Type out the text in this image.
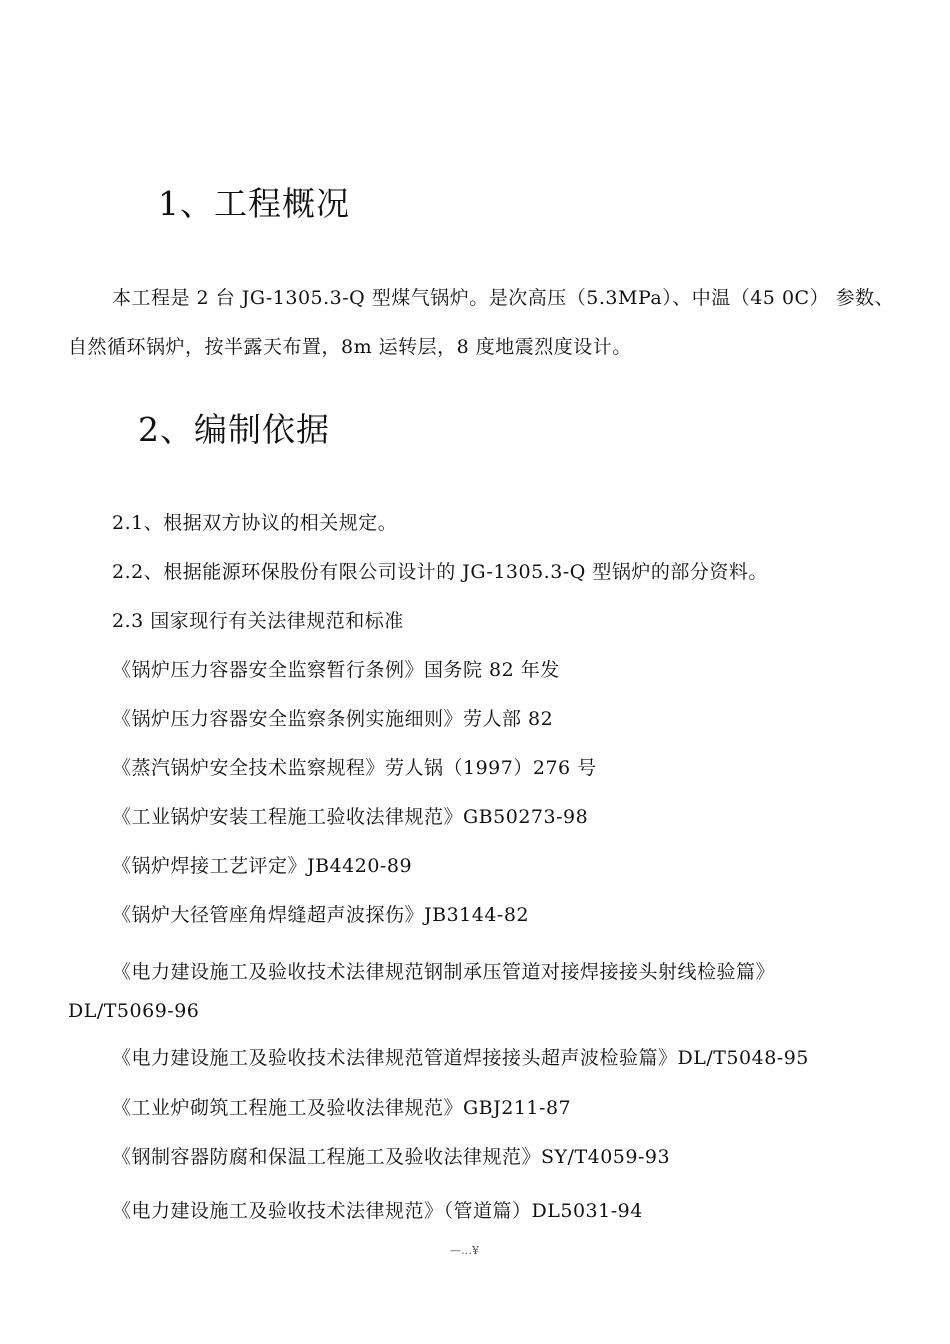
1、工程概况
本工程是 2 台 JG-1305.3-Q 型煤气锅炉。是次高压（5.3MPa）、中温（45 0C） 参数、
自然循环锅炉，按半露天布置，8m 运转层，8 度地震烈度设计。
2、编制依据
2.1、根据双方协议的相关规定。
2.2、根据能源环保股份有限公司设计的 JG-1305.3-Q 型锅炉的部分资料。
2.3 国家现行有关法律规范和标准
《锅炉压力容器安全监察暂行条例》国务院 82 年发
《锅炉压力容器安全监察条例实施细则》劳人部 82
《蒸汽锅炉安全技术监察规程》劳人锅（1997）276 号
《工业锅炉安装工程施工验收法律规范》GB50273-98
《锅炉焊接工艺评定》JB4420-89
《锅炉大径管座角焊缝超声波探伤》JB3144-82
《电力建设施工及验收技术法律规范钢制承压管道对接焊接接头射线检验篇》
DL/T5069-96
《电力建设施工及验收技术法律规范管道焊接接头超声波检验篇》DL/T5048-95
《工业炉砌筑工程施工及验收法律规范》GBJ211-87
《钢制容器防腐和保温工程施工及验收法律规范》SY/T4059-93
《电力建设施工及验收技术法律规范》（管道篇）DL5031-94
—…¥
